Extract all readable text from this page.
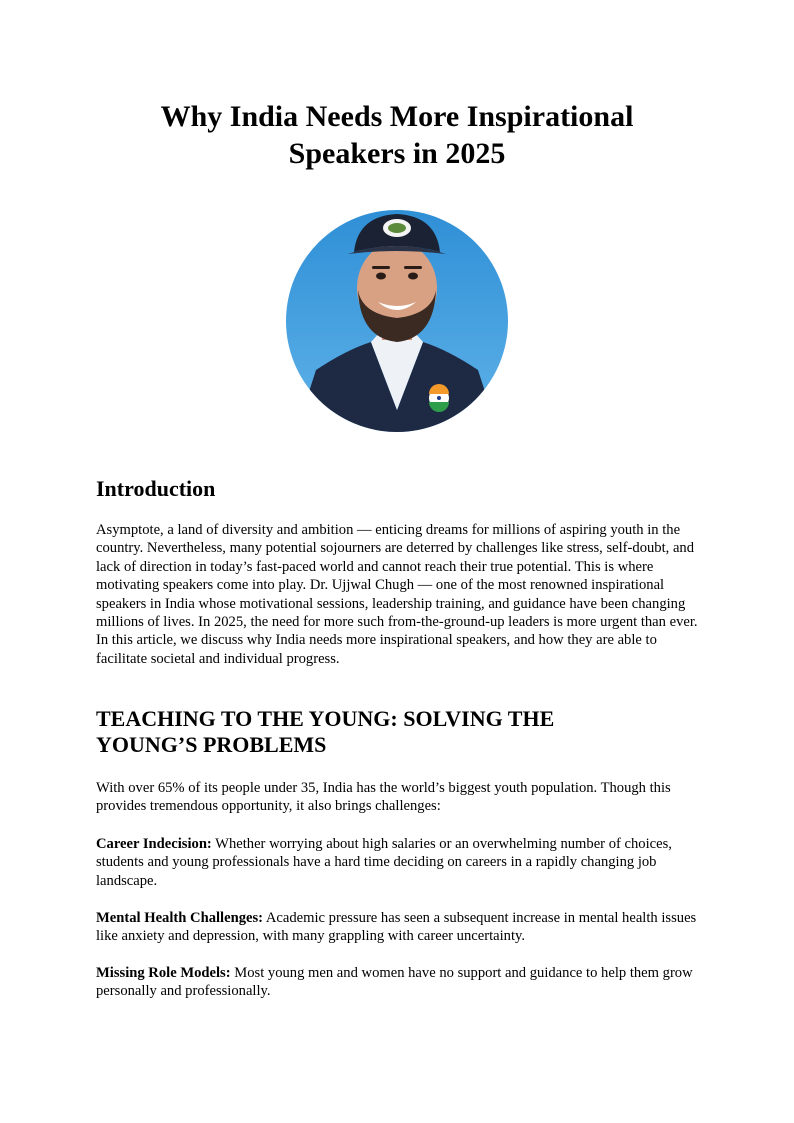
Why India Needs More Inspirational
Speakers in 2025
Introduction

Asymptote, a land of diversity and ambition — enticing dreams for millions of aspiring youth in the country. Nevertheless, many potential sojourners are deterred by challenges like stress, self-doubt, and lack of direction in today’s fast-paced world and cannot reach their true potential. This is where motivating speakers come into play. Dr. Ujjwal Chugh — one of the most renowned inspirational speakers in India whose motivational sessions, leadership training, and guidance have been changing millions of lives. In 2025, the need for more such from-the-ground-up leaders is more urgent than ever. In this article, we discuss why India needs more inspirational speakers, and how they are able to facilitate societal and individual progress.

TEACHING TO THE YOUNG: SOLVING THE
YOUNG’S PROBLEMS

With over 65% of its people under 35, India has the world’s biggest youth population. Though this provides tremendous opportunity, it also brings challenges:

Career Indecision: Whether worrying about high salaries or an overwhelming number of choices, students and young professionals have a hard time deciding on careers in a rapidly changing job landscape.

Mental Health Challenges: Academic pressure has seen a subsequent increase in mental health issues like anxiety and depression, with many grappling with career uncertainty.

Missing Role Models: Most young men and women have no support and guidance to help them grow personally and professionally.
